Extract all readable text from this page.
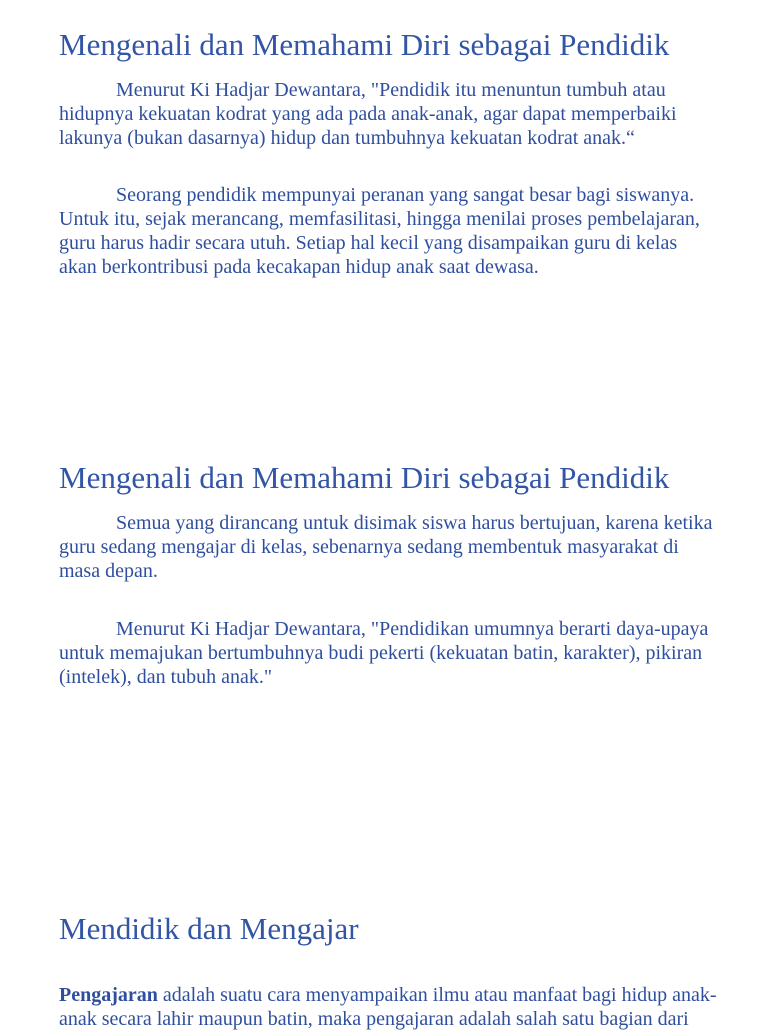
Mengenali dan Memahami Diri sebagai Pendidik

Menurut Ki Hadjar Dewantara, "Pendidik itu menuntun tumbuh atau hidupnya kekuatan kodrat yang ada pada anak-anak, agar dapat memperbaiki lakunya (bukan dasarnya) hidup dan tumbuhnya kekuatan kodrat anak.“

Seorang pendidik mempunyai peranan yang sangat besar bagi siswanya. Untuk itu, sejak merancang, memfasilitasi, hingga menilai proses pembelajaran, guru harus hadir secara utuh. Setiap hal kecil yang disampaikan guru di kelas akan berkontribusi pada kecakapan hidup anak saat dewasa.

Mengenali dan Memahami Diri sebagai Pendidik

Semua yang dirancang untuk disimak siswa harus bertujuan, karena ketika guru sedang mengajar di kelas, sebenarnya sedang membentuk masyarakat di masa depan.

Menurut Ki Hadjar Dewantara, "Pendidikan umumnya berarti daya-upaya untuk memajukan bertumbuhnya budi pekerti (kekuatan batin, karakter), pikiran (intelek), dan tubuh anak."

Mendidik dan Mengajar

Pengajaran adalah suatu cara menyampaikan ilmu atau manfaat bagi hidup anak-anak secara lahir maupun batin, maka pengajaran adalah salah satu bagian dari
